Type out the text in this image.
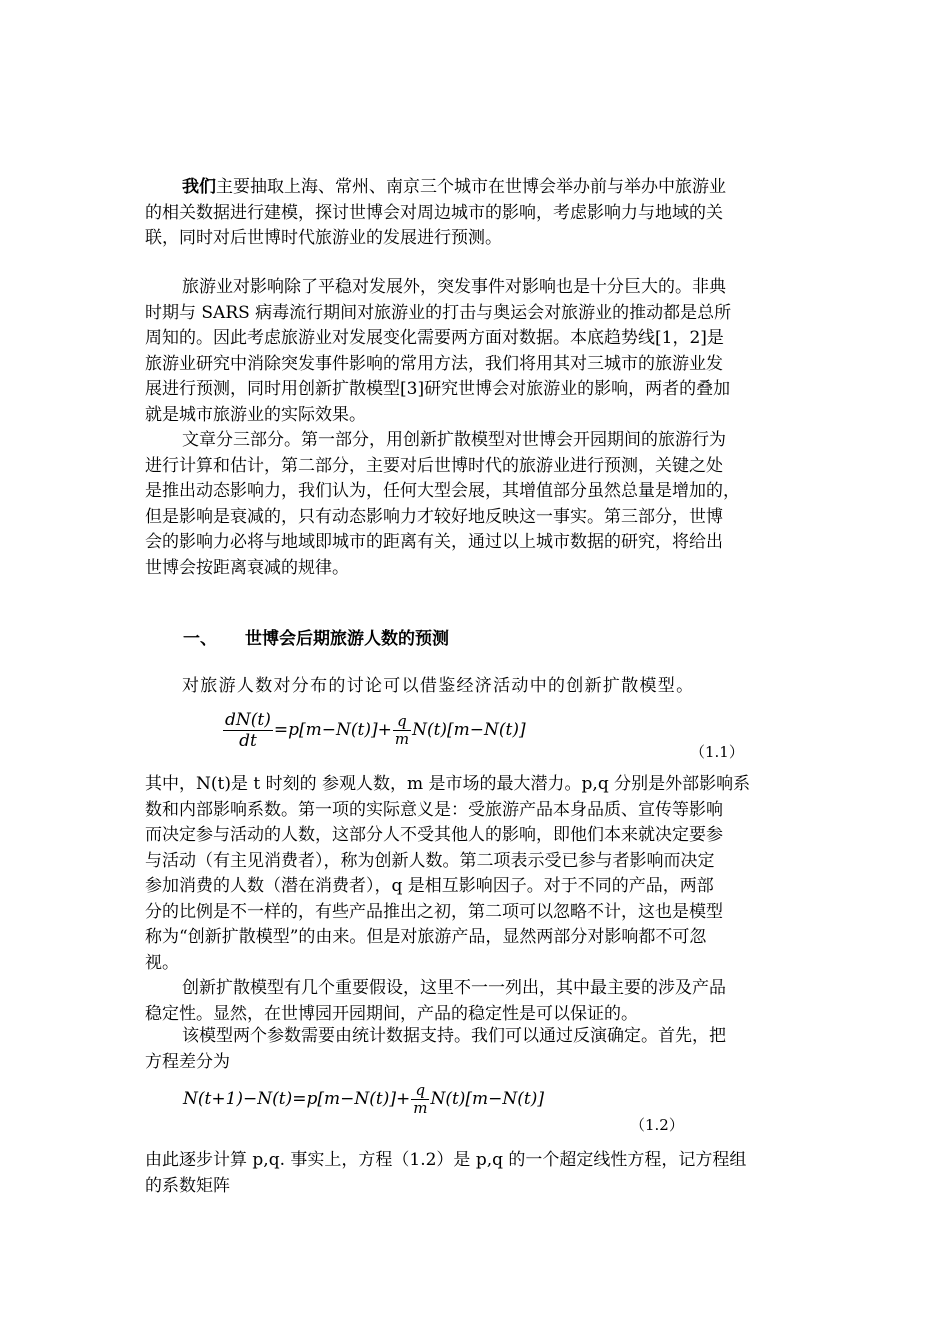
我们主要抽取上海、常州、南京三个城市在世博会举办前与举办中旅游业
的相关数据进行建模，探讨世博会对周边城市的影响，考虑影响力与地域的关
联，同时对后世博时代旅游业的发展进行预测。
旅游业对影响除了平稳对发展外，突发事件对影响也是十分巨大的。非典
时期与 SARS 病毒流行期间对旅游业的打击与奥运会对旅游业的推动都是总所
周知的。因此考虑旅游业对发展变化需要两方面对数据。本底趋势线[1，2]是
旅游业研究中消除突发事件影响的常用方法，我们将用其对三城市的旅游业发
展进行预测，同时用创新扩散模型[3]研究世博会对旅游业的影响，两者的叠加
就是城市旅游业的实际效果。
文章分三部分。第一部分，用创新扩散模型对世博会开园期间的旅游行为
进行计算和估计，第二部分，主要对后世博时代的旅游业进行预测，关键之处
是推出动态影响力，我们认为，任何大型会展，其增值部分虽然总量是增加的，
但是影响是衰减的，只有动态影响力才较好地反映这一事实。第三部分，世博
会的影响力必将与地域即城市的距离有关，通过以上城市数据的研究，将给出
世博会按距离衰减的规律。
一、 世博会后期旅游人数的预测
对旅游人数对分布的讨论可以借鉴经济活动中的创新扩散模型。
$\frac{dN(t)}{dt} =p[m-N(t)]+ \frac{q}{m} N(t)[m-N(t)]$
（1.1）
其中，N(t)是 t 时刻的 参观人数，m 是市场的最大潜力。p,q 分别是外部影响系
数和内部影响系数。第一项的实际意义是：受旅游产品本身品质、宣传等影响
而决定参与活动的人数，这部分人不受其他人的影响，即他们本来就决定要参
与活动（有主见消费者），称为创新人数。第二项表示受已参与者影响而决定
参加消费的人数（潜在消费者），q 是相互影响因子。对于不同的产品，两部
分的比例是不一样的，有些产品推出之初，第二项可以忽略不计，这也是模型
称为“创新扩散模型”的由来。但是对旅游产品，显然两部分对影响都不可忽
视。
创新扩散模型有几个重要假设，这里不一一列出，其中最主要的涉及产品
稳定性。显然，在世博园开园期间，产品的稳定性是可以保证的。
该模型两个参数需要由统计数据支持。我们可以通过反演确定。首先，把
方程差分为
$N(t+1)-N(t)=p[m-N(t)]+ \frac{q}{m} N(t)[m-N(t)]$
（1.2）
由此逐步计算 p,q. 事实上，方程（1.2）是 p,q 的一个超定线性方程，记方程组
的系数矩阵
